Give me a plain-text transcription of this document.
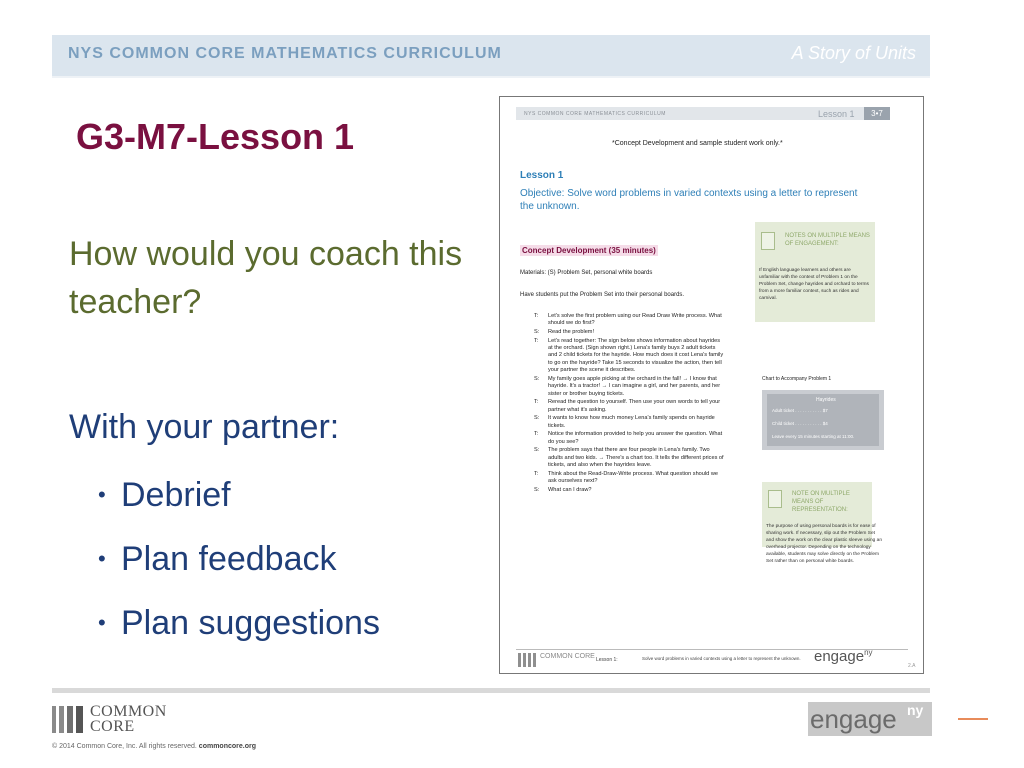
NYS COMMON CORE MATHEMATICS CURRICULUM	A Story of Units
G3-M7-Lesson 1
How would you coach this teacher?
With your partner:
• Debrief
• Plan feedback
• Plan suggestions
NYS COMMON CORE MATHEMATICS CURRICULUM	Lesson 1	3•7
*Concept Development and sample student work only.*
Lesson 1
Objective: Solve word problems in varied contexts using a letter to represent the unknown.
Concept Development (35 minutes)
Materials: (S) Problem Set, personal white boards
Have students put the Problem Set into their personal boards.
T:	Let's solve the first problem using our Read Draw Write process. What should we do first?
S:	Read the problem!
T:	Let's read together: The sign below shows information about hayrides at the orchard. (Sign shown right.) Lena's family buys 2 adult tickets and 2 child tickets for the hayride. How much does it cost Lena's family to go on the hayride? Take 15 seconds to visualize the action, then tell your partner the scene it describes.
S:	My family goes apple picking at the orchard in the fall! → I know that hayride. It's a tractor! → I can imagine a girl, and her parents, and her sister or brother buying tickets.
T:	Reread the question to yourself. Then use your own words to tell your partner what it's asking.
S:	It wants to know how much money Lena's family spends on hayride tickets.
T:	Notice the information provided to help you answer the question. What do you see?
S:	The problem says that there are four people in Lena's family. Two adults and two kids. → There's a chart too. It tells the different prices of tickets, and also when the hayrides leave.
T:	Think about the Read-Draw-Write process. What question should we ask ourselves next?
S:	What can I draw?
NOTES ON MULTIPLE MEANS OF ENGAGEMENT:
If English language learners and others are unfamiliar with the context of Problem 1 on the Problem Set, change hayrides and orchard to terms from a more familiar context, such as rides and carnival.
Chart to Accompany Problem 1
Hayrides
Adult ticket . . . . . . . . . . . $7
Child ticket . . . . . . . . . . . $4
Leave every 15 minutes starting at 11:00.
NOTE ON MULTIPLE MEANS OF REPRESENTATION:
The purpose of using personal boards is for ease of sharing work. If necessary, slip out the Problem Set and show the work on the clear plastic sleeve using an overhead projector. Depending on the technology available, students may solve directly on the Problem Set rather than on personal white boards.
COMMON CORE Lesson 1:	Solve word problems in varied contexts using a letter to represent the unknown. engage$^{ny}$
2.A
COMMON
CORE
© 2014 Common Core, Inc. All rights reserved. commoncore.org
engage ny
